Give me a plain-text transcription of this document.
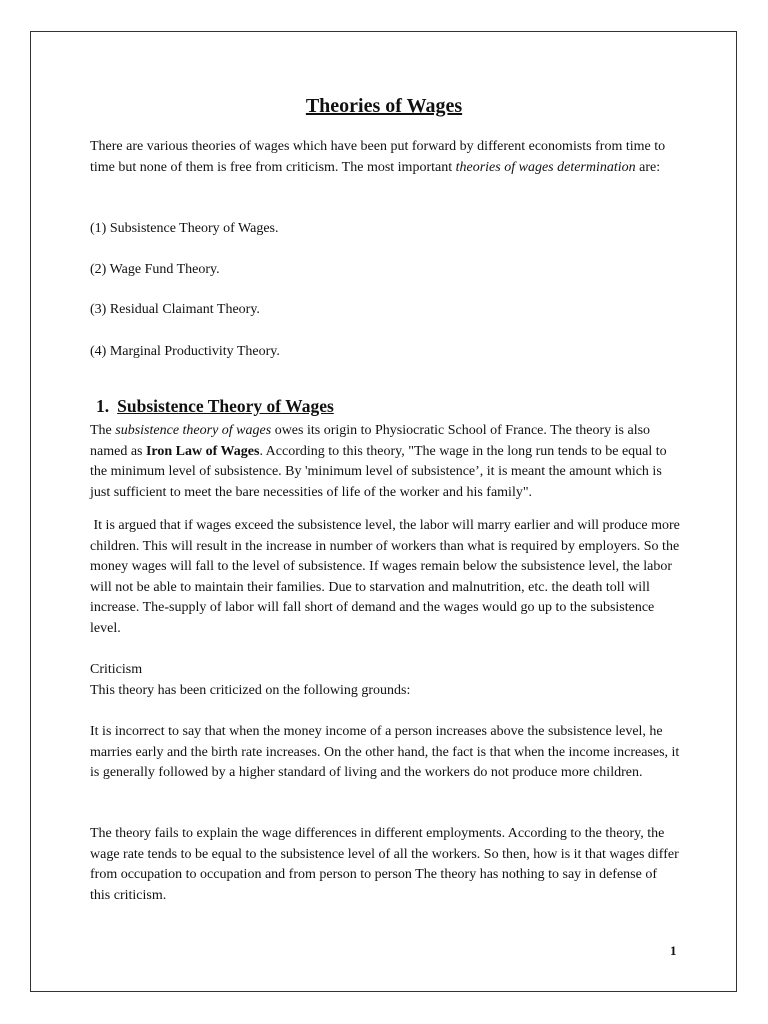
Theories of Wages

There are various theories of wages which have been put forward by different economists from time to time but none of them is free from criticism. The most important theories of wages determination are:

(1) Subsistence Theory of Wages.

(2) Wage Fund Theory.

(3) Residual Claimant Theory.

(4) Marginal Productivity Theory.

1. Subsistence Theory of Wages

The subsistence theory of wages owes its origin to Physiocratic School of France. The theory is also named as Iron Law of Wages. According to this theory, "The wage in the long run tends to be equal to the minimum level of subsistence. By 'minimum level of subsistence’, it is meant the amount which is just sufficient to meet the bare necessities of life of the worker and his family".

It is argued that if wages exceed the subsistence level, the labor will marry earlier and will produce more children. This will result in the increase in number of workers than what is required by employers. So the money wages will fall to the level of subsistence. If wages remain below the subsistence level, the labor will not be able to maintain their families. Due to starvation and malnutrition, etc. the death toll will increase. The-supply of labor will fall short of demand and the wages would go up to the subsistence level.

Criticism

This theory has been criticized on the following grounds:

It is incorrect to say that when the money income of a person increases above the subsistence level, he marries early and the birth rate increases. On the other hand, the fact is that when the income increases, it is generally followed by a higher standard of living and the workers do not produce more children.

The theory fails to explain the wage differences in different employments. According to the theory, the wage rate tends to be equal to the subsistence level of all the workers. So then, how is it that wages differ from occupation to occupation and from person to person The theory has nothing to say in defense of this criticism.

1
